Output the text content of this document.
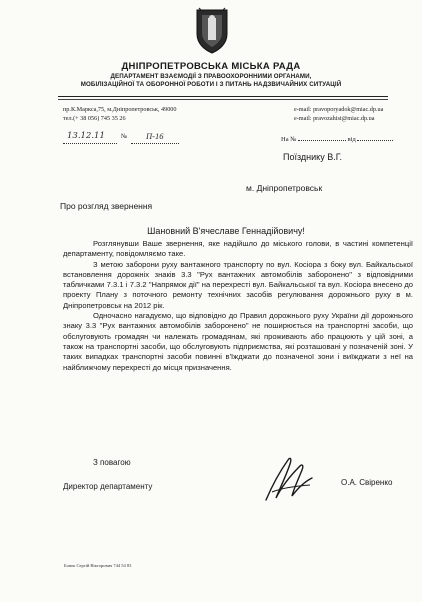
ДНІПРОПЕТРОВСЬКА МІСЬКА РАДА
ДЕПАРТАМЕНТ ВЗАЄМОДІЇ З ПРАВООХОРОННИМИ ОРГАНАМИ,
МОБІЛІЗАЦІЙНОЇ ТА ОБОРОННОЇ РОБОТИ І З ПИТАНЬ НАДЗВИЧАЙНИХ СИТУАЦІЙ
пр.К.Маркса,75, м.Дніпропетровськ, 49000
тел.(+ 38 056) 745 35 26
e-mail: pravoporyadok@miac.dp.ua
e-mail: pravozahist@miac.dp.ua
13.12.11 № П-16	На №	від
Поїзднику В.Г.
м. Дніпропетровськ
Про розгляд звернення
Шановний В'ячеславе Геннадійовичу!

Розглянувши Ваше звернення, яке надійшло до міського голови, в частині компетенції департаменту, повідомляємо таке.

З метою заборони руху вантажного транспорту по вул. Косіора з боку вул. Байкальської встановлення дорожніх знаків 3.3 "Рух вантажних автомобілів заборонено" з відповідними табличками 7.3.1 і 7.3.2 "Напрямок дії" на перехресті вул. Байкальської та вул. Косіора внесено до проекту Плану з поточного ремонту технічних засобів регулювання дорожнього руху в м. Дніпропетровськ на 2012 рік.

Одночасно нагадуємо, що відповідно до Правил дорожнього руху України дії дорожнього знаку 3.3 "Рух вантажних автомобілів заборонено" не поширюється на транспортні засоби, що обслуговують громадян чи належать громадянам, які проживають або працюють у цій зоні, а також на транспортні засоби, що обслуговують підприємства, які розташовані у позначеній зоні. У таких випадках транспортні засоби повинні в'їжджати до позначеної зони і виїжджати з неї на найближчому перехресті до місця призначення.

З повагою
Директор департаменту	О.А. Свіренко
Бовок Сергій Вікторович 744 54 83
